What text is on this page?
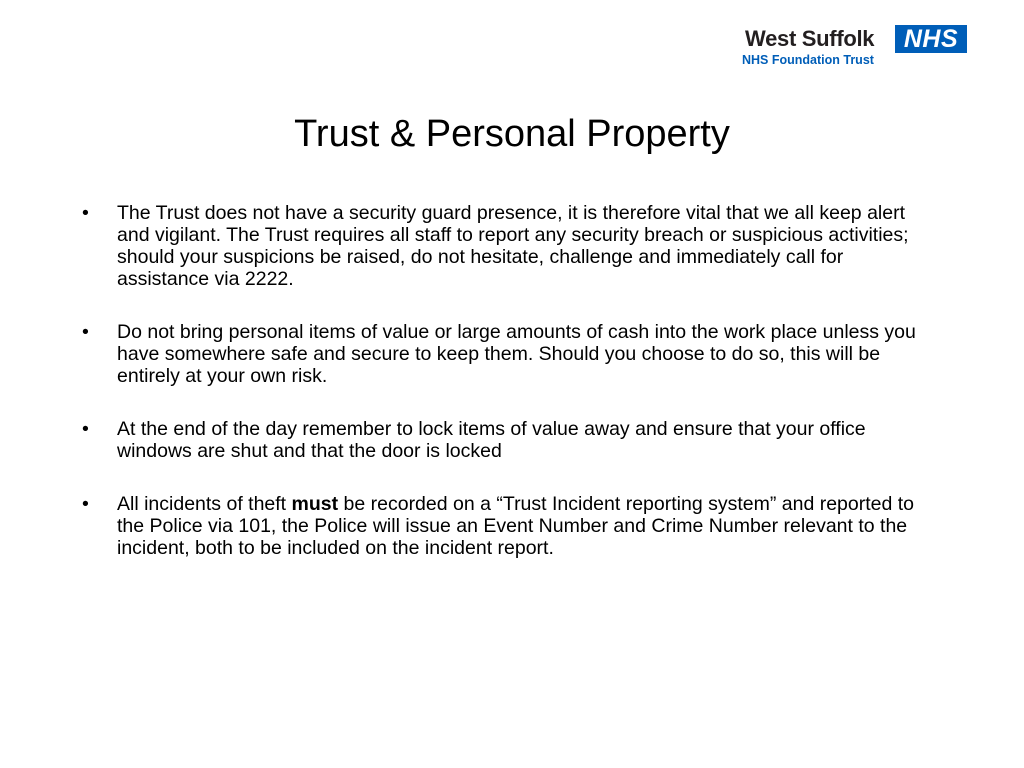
West Suffolk	NHS
NHS Foundation Trust
Trust & Personal Property
• The Trust does not have a security guard presence, it is therefore vital that we all keep alert and vigilant. The Trust requires all staff to report any security breach or suspicious activities; should your suspicions be raised, do not hesitate, challenge and immediately call for assistance via 2222.
• Do not bring personal items of value or large amounts of cash into the work place unless you have somewhere safe and secure to keep them. Should you choose to do so, this will be entirely at your own risk.
• At the end of the day remember to lock items of value away and ensure that your office windows are shut and that the door is locked
• All incidents of theft must be recorded on a “Trust Incident reporting system” and reported to the Police via 101, the Police will issue an Event Number and Crime Number relevant to the incident, both to be included on the incident report.
